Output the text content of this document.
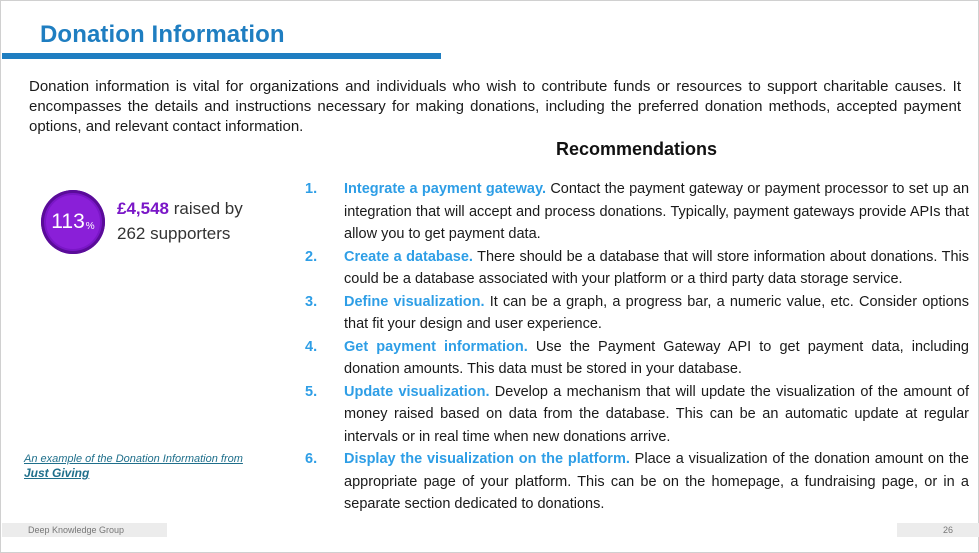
Donation Information
Donation information is vital for organizations and individuals who wish to contribute funds or resources to support charitable causes. It encompasses the details and instructions necessary for making donations, including the preferred donation methods, accepted payment options, and relevant contact information.
Recommendations
113 %
£4,548 raised by
262 supporters
An example of the Donation Information from
Just Giving
1. Integrate a payment gateway. Contact the payment gateway or payment processor to set up an integration that will accept and process donations. Typically, payment gateways provide APIs that allow you to get payment data.
2. Create a database. There should be a database that will store information about donations. This could be a database associated with your platform or a third party data storage service.
3. Define visualization. It can be a graph, a progress bar, a numeric value, etc. Consider options that fit your design and user experience.
4. Get payment information. Use the Payment Gateway API to get payment data, including donation amounts. This data must be stored in your database.
5. Update visualization. Develop a mechanism that will update the visualization of the amount of money raised based on data from the database. This can be an automatic update at regular intervals or in real time when new donations arrive.
6. Display the visualization on the platform. Place a visualization of the donation amount on the appropriate page of your platform. This can be on the homepage, a fundraising page, or in a separate section dedicated to donations.
Deep Knowledge Group	26
